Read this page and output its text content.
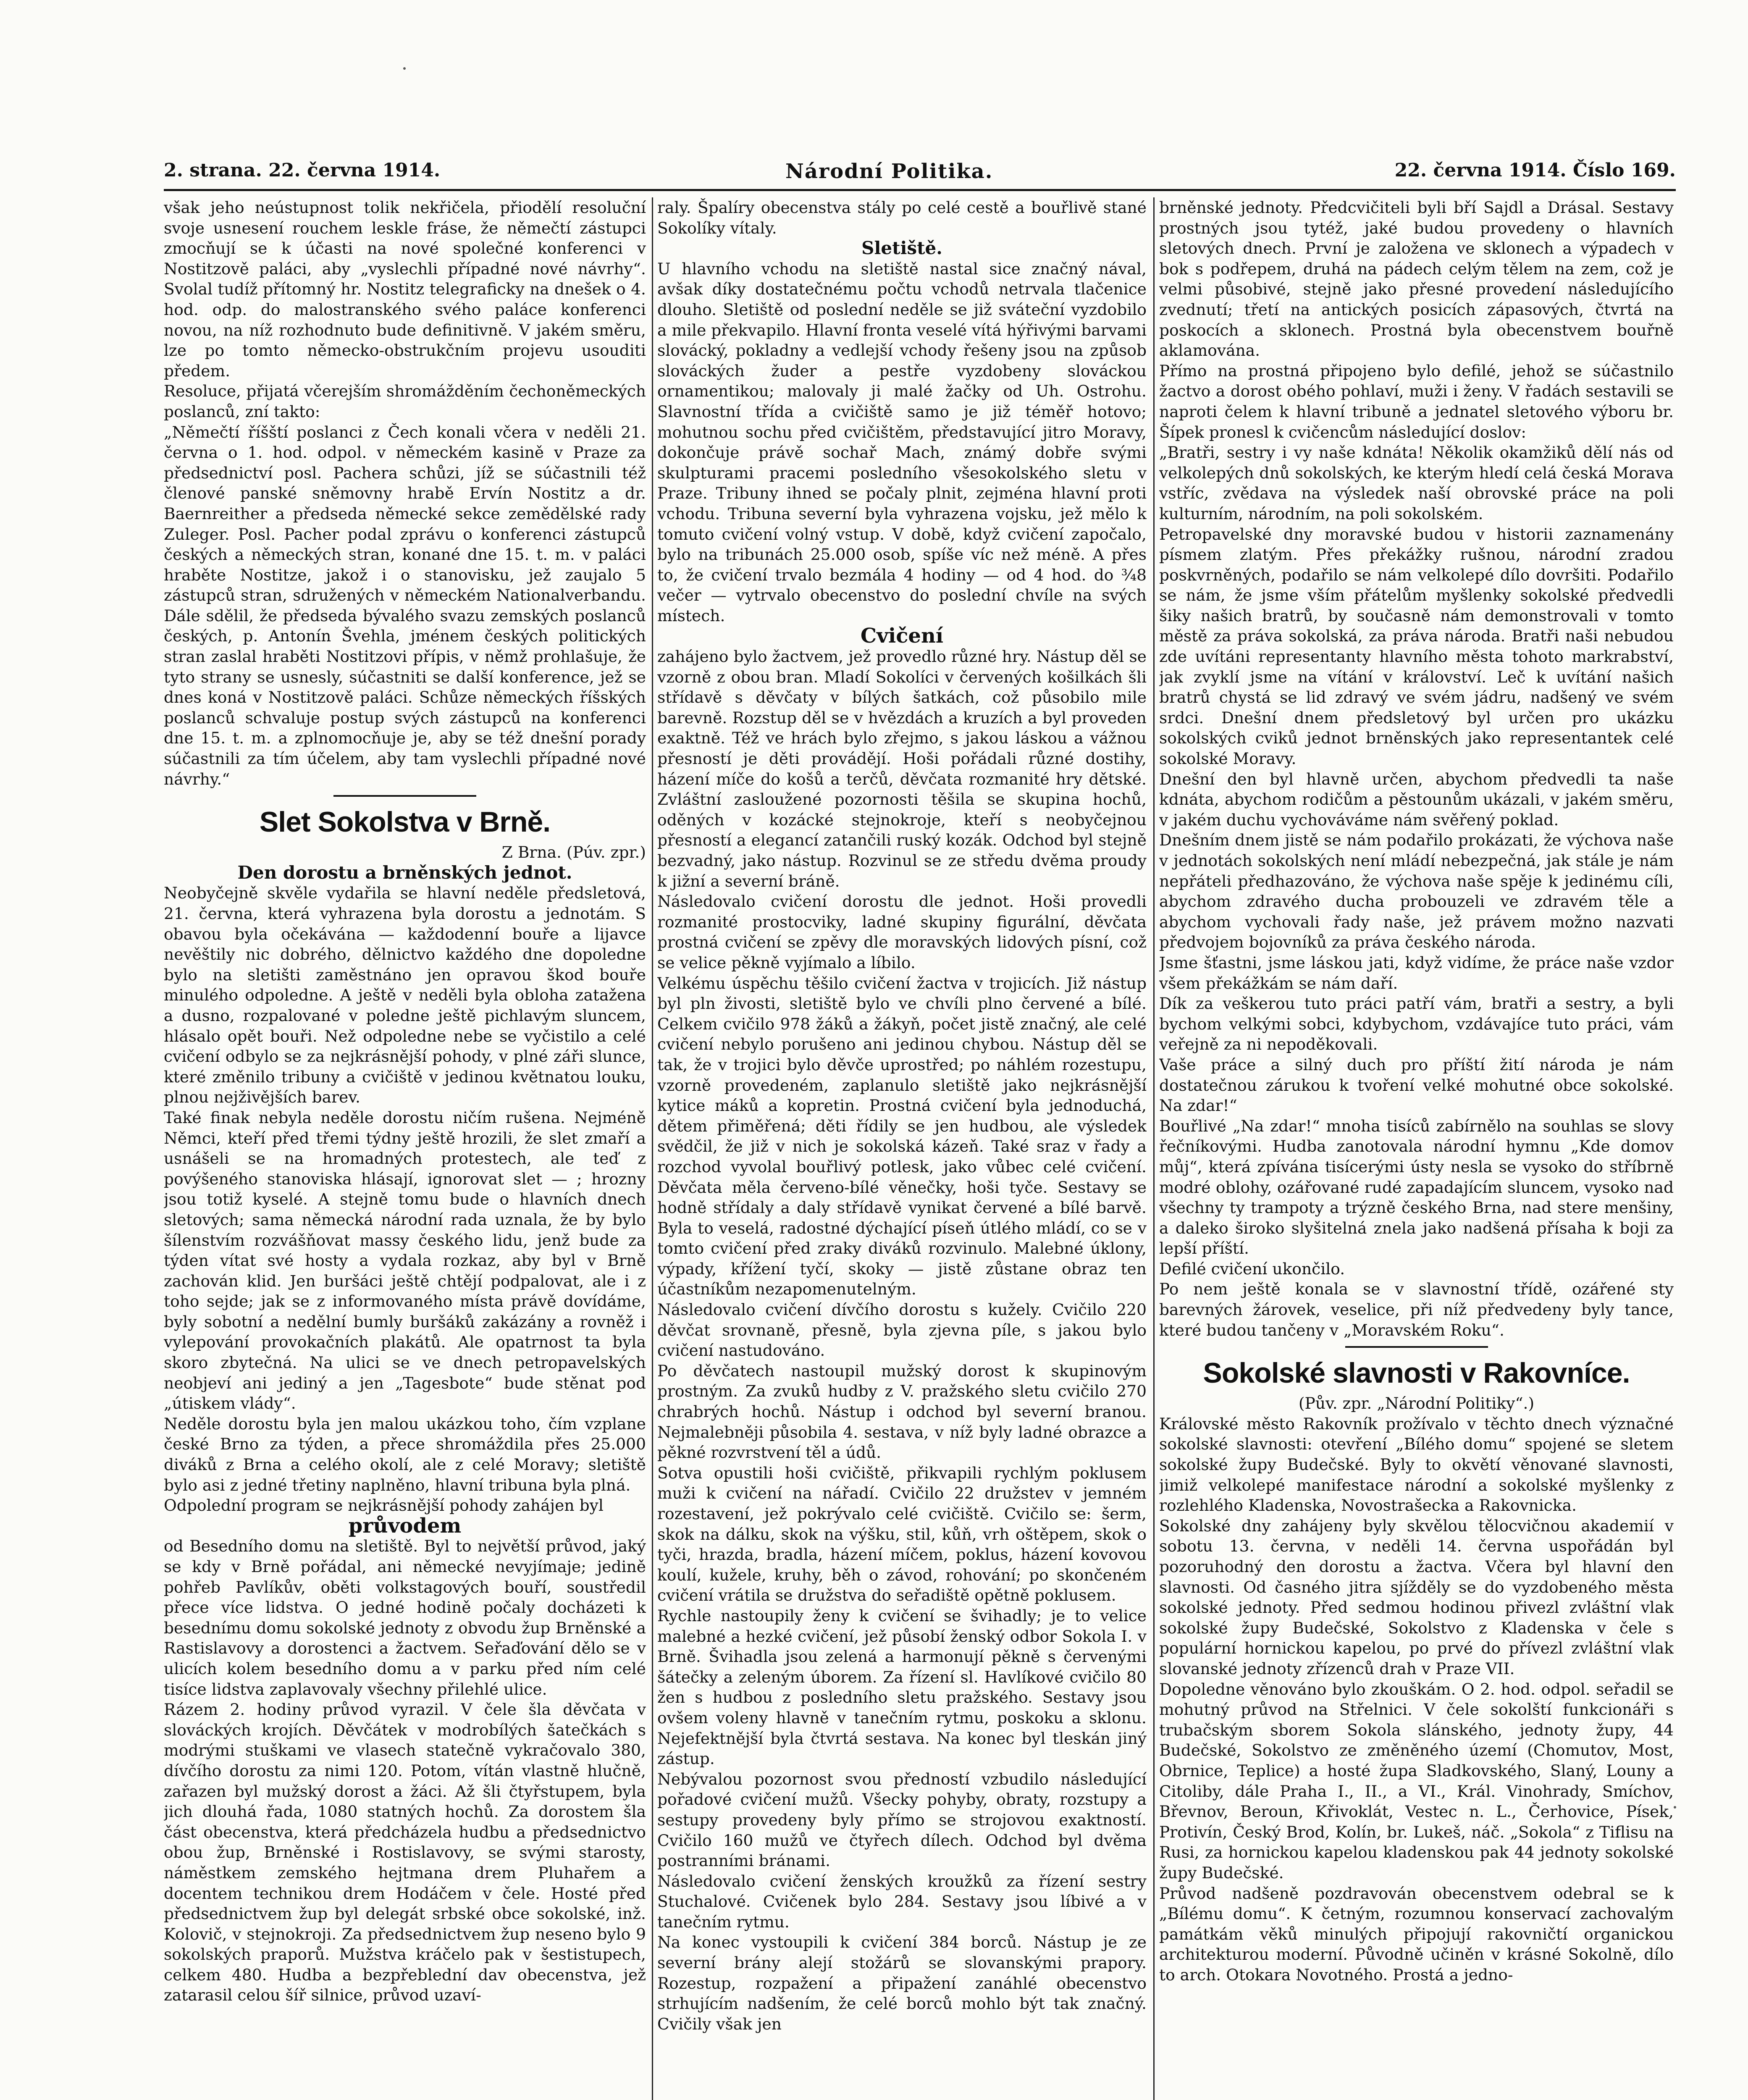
2. strana. 22. června 1914.	Národní Politika.	22. června 1914. Číslo 169.

však jeho neústupnost tolik nekřičela, přiodělí resoluční svoje usnesení rouchem leskle fráse, že němečtí zástupci zmocňují se k účasti na nové společné konferenci v Nostitzově paláci, aby „vyslechli případné nové návrhy“. Svolal tudíž přítomný hr. Nostitz telegraficky na dnešek o 4. hod. odp. do malostranského svého paláce konferenci novou, na níž rozhodnuto bude definitivně. V jakém směru, lze po tomto německo-obstrukčním projevu usouditi předem.

Resoluce, přijatá včerejším shromážděním čechoněmeckých poslanců, zní takto:

„Němečtí říšští poslanci z Čech konali včera v neděli 21. června o 1. hod. odpol. v německém kasině v Praze za předsednictví posl. Pachera schůzi, jíž se súčastnili též členové panské sněmovny hrabě Ervín Nostitz a dr. Baernreither a předseda německé sekce zemědělské rady Zuleger. Posl. Pacher podal zprávu o konferenci zástupců českých a německých stran, konané dne 15. t. m. v paláci hraběte Nostitze, jakož i o stanovisku, jež zaujalo 5 zástupců stran, sdružených v německém Nationalverbandu. Dále sdělil, že předseda bývalého svazu zemských poslanců českých, p. Antonín Švehla, jménem českých politických stran zaslal hraběti Nostitzovi přípis, v němž prohlašuje, že tyto strany se usnesly, súčastniti se další konference, jež se dnes koná v Nostitzově paláci. Schůze německých říšských poslanců schvaluje postup svých zástupců na konferenci dne 15. t. m. a zplnomocňuje je, aby se též dnešní porady súčastnili za tím účelem, aby tam vyslechli případné nové návrhy.“

Slet Sokolstva v Brně.

Z Brna. (Púv. zpr.)

Den dorostu a brněnských jednot.

Neobyčejně skvěle vydařila se hlavní neděle předsletová, 21. června, která vyhrazena byla dorostu a jednotám. S obavou byla očekávána — každodenní bouře a lijavce nevěštily nic dobrého, dělnictvo každého dne dopoledne bylo na sletišti zaměstnáno jen opravou škod bouře minulého odpoledne. A ještě v neděli byla obloha zatažena a dusno, rozpalované v poledne ještě pichlavým sluncem, hlásalo opět bouři. Než odpoledne nebe se vyčistilo a celé cvičení odbylo se za nejkrásnější pohody, v plné záři slunce, které změnilo tribuny a cvičiště v jedinou květnatou louku, plnou nejživějších barev.

Také finak nebyla neděle dorostu ničím rušena. Nejméně Němci, kteří před třemi týdny ještě hrozili, že slet zmaří a usnášeli se na hromadných protestech, ale teď z povýšeného stanoviska hlásají, ignorovat slet — ; hrozny jsou totiž kyselé. A stejně tomu bude o hlavních dnech sletových; sama německá národní rada uznala, že by bylo šílenstvím rozvášňovat massy českého lidu, jenž bude za týden vítat své hosty a vydala rozkaz, aby byl v Brně zachován klid. Jen buršáci ještě chtějí podpalovat, ale i z toho sejde; jak se z informovaného místa právě dovídáme, byly sobotní a nedělní bumly buršáků zakázány a rovněž i vylepování provokačních plakátů. Ale opatrnost ta byla skoro zbytečná. Na ulici se ve dnech petropavelských neobjeví ani jediný a jen „Tagesbote“ bude stěnat pod „útiskem vlády“.

Neděle dorostu byla jen malou ukázkou toho, čím vzplane české Brno za týden, a přece shromáždila přes 25.000 diváků z Brna a celého okolí, ale z celé Moravy; sletiště bylo asi z jedné třetiny naplněno, hlavní tribuna byla plná.

Odpolední program se nejkrásnější pohody zahájen byl

průvodem

od Besedního domu na sletiště. Byl to největší průvod, jaký se kdy v Brně pořádal, ani německé nevyjímaje; jedině pohřeb Pavlíkův, oběti volkstagových bouří, soustředil přece více lidstva. O jedné hodině počaly docházeti k besednímu domu sokolské jednoty z obvodu žup Brněnské a Rastislavovy a dorostenci a žactvem. Seřaďování dělo se v ulicích kolem besedního domu a v parku před ním celé tisíce lidstva zaplavovaly všechny přilehlé ulice.

Rázem 2. hodiny průvod vyrazil. V čele šla děvčata v slováckých krojích. Děvčátek v modrobílých šatečkách s modrými stuškami ve vlasech statečně vykračovalo 380, dívčího dorostu za nimi 120. Potom, vítán vlastně hlučně, zařazen byl mužský dorost a žáci. Až šli čtyřstupem, byla jich dlouhá řada, 1080 statných hochů. Za dorostem šla část obecenstva, která předcházela hudbu a předsednictvo obou žup, Brněnské i Rostislavovy, se svými starosty, náměstkem zemského hejtmana drem Pluhařem a docentem technikou drem Hodáčem v čele. Hosté před předsednictvem žup byl delegát srbské obce sokolské, inž. Kolovič, v stejnokroji. Za předsednictvem žup neseno bylo 9 sokolských praporů. Mužstva kráčelo pak v šestistupech, celkem 480. Hudba a bezpřeblední dav obecenstva, jež zatarasil celou šíř silnice, průvod uzaví-

raly. Špalíry obecenstva stály po celé cestě a bouřlivě stané Sokolíky vítaly.

Sletiště.

U hlavního vchodu na sletiště nastal sice značný nával, avšak díky dostatečnému počtu vchodů netrvala tlačenice dlouho. Sletiště od poslední neděle se již sváteční vyzdobilo a mile překvapilo. Hlavní fronta veselé vítá hýřivými barvami slovácký, pokladny a vedlejší vchody řešeny jsou na způsob slováckých žuder a pestře vyzdobeny slováckou ornamentikou; malovaly ji malé žačky od Uh. Ostrohu. Slavnostní třída a cvičiště samo je již téměř hotovo; mohutnou sochu před cvičištěm, představující jitro Moravy, dokončuje právě sochař Mach, známý dobře svými skulpturami pracemi posledního všesokolského sletu v Praze. Tribuny ihned se počaly plnit, zejména hlavní proti vchodu. Tribuna severní byla vyhrazena vojsku, jež mělo k tomuto cvičení volný vstup. V době, když cvičení započalo, bylo na tribunách 25.000 osob, spíše víc než méně. A přes to, že cvičení trvalo bezmála 4 hodiny — od 4 hod. do ¾8 večer — vytrvalo obecenstvo do poslední chvíle na svých místech.

Cvičení

zahájeno bylo žactvem, jež provedlo různé hry. Nástup děl se vzorně z obou bran. Mladí Sokolíci v červených košilkách šli střídavě s děvčaty v bílých šatkách, což působilo mile barevně. Rozstup děl se v hvězdách a kruzích a byl proveden exaktně. Též ve hrách bylo zřejmo, s jakou láskou a vážnou přesností je děti provádějí. Hoši pořádali různé dostihy, házení míče do košů a terčů, děvčata rozmanité hry dětské. Zvláštní zasloužené pozornosti těšila se skupina hochů, oděných v kozácké stejnokroje, kteří s neobyčejnou přesností a elegancí zatančili ruský kozák. Odchod byl stejně bezvadný, jako nástup. Rozvinul se ze středu dvěma proudy k jižní a severní bráně.

Následovalo cvičení dorostu dle jednot. Hoši provedli rozmanité prostocviky, ladné skupiny figurální, děvčata prostná cvičení se zpěvy dle moravských lidových písní, což se velice pěkně vyjímalo a líbilo.

Velkému úspěchu těšilo cvičení žactva v trojicích. Již nástup byl pln živosti, sletiště bylo ve chvíli plno červené a bílé. Celkem cvičilo 978 žáků a žákyň, počet jistě značný, ale celé cvičení nebylo porušeno ani jedinou chybou. Nástup děl se tak, že v trojici bylo děvče uprostřed; po náhlém rozestupu, vzorně provedeném, zaplanulo sletiště jako nejkrásnější kytice máků a kopretin. Prostná cvičení byla jednoduchá, dětem přiměřená; děti řídily se jen hudbou, ale výsledek svědčil, že již v nich je sokolská kázeň. Také sraz v řady a rozchod vyvolal bouřlivý potlesk, jako vůbec celé cvičení. Děvčata měla červeno-bílé věnečky, hoši tyče. Sestavy se hodně střídaly a daly střídavě vynikat červené a bílé barvě. Byla to veselá, radostné dýchající píseň útlého mládí, co se v tomto cvičení před zraky diváků rozvinulo. Malebné úklony, výpady, křížení tyčí, skoky — jistě zůstane obraz ten účastníkům nezapomenutelným.

Následovalo cvičení dívčího dorostu s kužely. Cvičilo 220 děvčat srovnaně, přesně, byla zjevna píle, s jakou bylo cvičení nastudováno.

Po děvčatech nastoupil mužský dorost k skupinovým prostným. Za zvuků hudby z V. pražského sletu cvičilo 270 chrabrých hochů. Nástup i odchod byl severní branou. Nejmalebněji působila 4. sestava, v níž byly ladné obrazce a pěkné rozvrstvení těl a údů.

Sotva opustili hoši cvičiště, přikvapili rychlým poklusem muži k cvičení na nářadí. Cvičilo 22 družstev v jemném rozestavení, jež pokrývalo celé cvičiště. Cvičilo se: šerm, skok na dálku, skok na výšku, stil, kůň, vrh oštěpem, skok o tyči, hrazda, bradla, házení míčem, poklus, házení kovovou koulí, kužele, kruhy, běh o závod, rohování; po skončeném cvičení vrátila se družstva do seřadiště opětně poklusem.

Rychle nastoupily ženy k cvičení se švihadly; je to velice malebné a hezké cvičení, jež působí ženský odbor Sokola I. v Brně. Švihadla jsou zelená a harmonují pěkně s červenými šátečky a zeleným úborem. Za řízení sl. Havlíkové cvičilo 80 žen s hudbou z posledního sletu pražského. Sestavy jsou ovšem voleny hlavně v tanečním rytmu, poskoku a sklonu. Nejefektnější byla čtvrtá sestava. Na konec byl tleskán jiný zástup.

Nebývalou pozornost svou předností vzbudilo následující pořadové cvičení mužů. Všecky pohyby, obraty, rozstupy a sestupy provedeny byly přímo se strojovou exaktností. Cvičilo 160 mužů ve čtyřech dílech. Odchod byl dvěma postranními bránami.

Následovalo cvičení ženských kroužků za řízení sestry Stuchalové. Cvičenek bylo 284. Sestavy jsou líbivé a v tanečním rytmu.

Na konec vystoupili k cvičení 384 borců. Nástup je ze severní brány alejí stožárů se slovanskými prapory. Rozestup, rozpažení a připažení zanáhlé obecenstvo strhujícím nadšením, že celé borců mohlo být tak značný. Cvičily však jen

brněnské jednoty. Předcvičiteli byli bří Sajdl a Drásal. Sestavy prostných jsou tytéž, jaké budou provedeny o hlavních sletových dnech. První je založena ve sklonech a výpadech v bok s podřepem, druhá na pádech celým tělem na zem, což je velmi působivé, stejně jako přesné provedení následujícího zvednutí; třetí na antických posicích zápasových, čtvrtá na poskocích a sklonech. Prostná byla obecenstvem bouřně aklamována.

Přímo na prostná připojeno bylo defilé, jehož se súčastnilo žactvo a dorost obého pohlaví, muži i ženy. V řadách sestavili se naproti čelem k hlavní tribuně a jednatel sletového výboru br. Šípek pronesl k cvičencům následující doslov:

„Bratři, sestry i vy naše kdnáta! Několik okamžiků dělí nás od velkolepých dnů sokolských, ke kterým hledí celá česká Morava vstříc, zvědava na výsledek naší obrovské práce na poli kulturním, národním, na poli sokolském.

Petropavelské dny moravské budou v historii zaznamenány písmem zlatým. Přes překážky rušnou, národní zradou poskvrněných, podařilo se nám velkolepé dílo dovršiti. Podařilo se nám, že jsme vším přátelům myšlenky sokolské předvedli šiky našich bratrů, by současně nám demonstrovali v tomto městě za práva sokolská, za práva národa. Bratři naši nebudou zde uvítáni representanty hlavního města tohoto markrabství, jak zvyklí jsme na vítání v království. Leč k uvítání našich bratrů chystá se lid zdravý ve svém jádru, nadšený ve svém srdci. Dnešní dnem předsletový byl určen pro ukázku sokolských cviků jednot brněnských jako representantek celé sokolské Moravy.

Dnešní den byl hlavně určen, abychom předvedli ta naše kdnáta, abychom rodičům a pěstounům ukázali, v jakém směru, v jakém duchu vychováváme nám svěřený poklad.

Dnešním dnem jistě se nám podařilo prokázati, že výchova naše v jednotách sokolských není mládí nebezpečná, jak stále je nám nepřáteli předhazováno, že výchova naše spěje k jedinému cíli, abychom zdravého ducha probouzeli ve zdravém těle a abychom vychovali řady naše, jež právem možno nazvati předvojem bojovníků za práva českého národa.

Jsme šťastni, jsme láskou jati, když vidíme, že práce naše vzdor všem překážkám se nám daří.

Dík za veškerou tuto práci patří vám, bratři a sestry, a byli bychom velkými sobci, kdybychom, vzdávajíce tuto práci, vám veřejně za ni nepoděkovali.

Vaše práce a silný duch pro příští žití národa je nám dostatečnou zárukou k tvoření velké mohutné obce sokolské. Na zdar!“

Bouřlivé „Na zdar!“ mnoha tisíců zabírnělo na souhlas se slovy řečníkovými. Hudba zanotovala národní hymnu „Kde domov můj“, která zpívána tisícerými ústy nesla se vysoko do stříbrně modré oblohy, ozářované rudé zapadajícím sluncem, vysoko nad všechny ty trampoty a trýzně českého Brna, nad stere menšiny, a daleko široko slyšitelná znela jako nadšená přísaha k boji za lepší příští.

Defilé cvičení ukončilo.

Po nem ještě konala se v slavnostní třídě, ozářené sty barevných žárovek, veselice, při níž předvedeny byly tance, které budou tančeny v „Moravském Roku“.

Sokolské slavnosti v Rakovníce.

(Pův. zpr. „Národní Politiky“.)

Královské město Rakovník prožívalo v těchto dnech význačné sokolské slavnosti: otevření „Bílého domu“ spojené se sletem sokolské župy Budečské. Byly to okvětí věnované slavnosti, jimiž velkolepé manifestace národní a sokolské myšlenky z rozlehlého Kladenska, Novostrašecka a Rakovnicka.

Sokolské dny zahájeny byly skvělou tělocvičnou akademií v sobotu 13. června, v neděli 14. června uspořádán byl pozoruhodný den dorostu a žactva. Včera byl hlavní den slavnosti. Od časného jitra sjížděly se do vyzdobeného města sokolské jednoty. Před sedmou hodinou přivezl zvláštní vlak sokolské župy Budečské, Sokolstvo z Kladenska v čele s populární hornickou kapelou, po prvé do přívezl zvláštní vlak slovanské jednoty zřízenců drah v Praze VII.

Dopoledne věnováno bylo zkouškám. O 2. hod. odpol. seřadil se mohutný průvod na Střelnici. V čele sokolští funkcionáři s trubačským sborem Sokola slánského, jednoty župy, 44 Budečské, Sokolstvo ze změněného území (Chomutov, Most, Obrnice, Teplice) a hosté župa Sladkovského, Slaný, Louny a Citoliby, dále Praha I., II., a VI., Král. Vinohrady, Smíchov, Břevnov, Beroun, Křivoklát, Vestec n. L., Čerhovice, Písek, Protivín, Český Brod, Kolín, br. Lukeš, náč. „Sokola“ z Tiflisu na Rusi, za hornickou kapelou kladenskou pak 44 jednoty sokolské župy Budečské.

Průvod nadšeně pozdravován obecenstvem odebral se k „Bílému domu“. K četným, rozumnou konservací zachovalým památkám věků minulých připojují rakovničtí organickou architekturou moderní. Původně učiněn v krásné Sokolně, dílo to arch. Otokara Novotného. Prostá a jedno-
